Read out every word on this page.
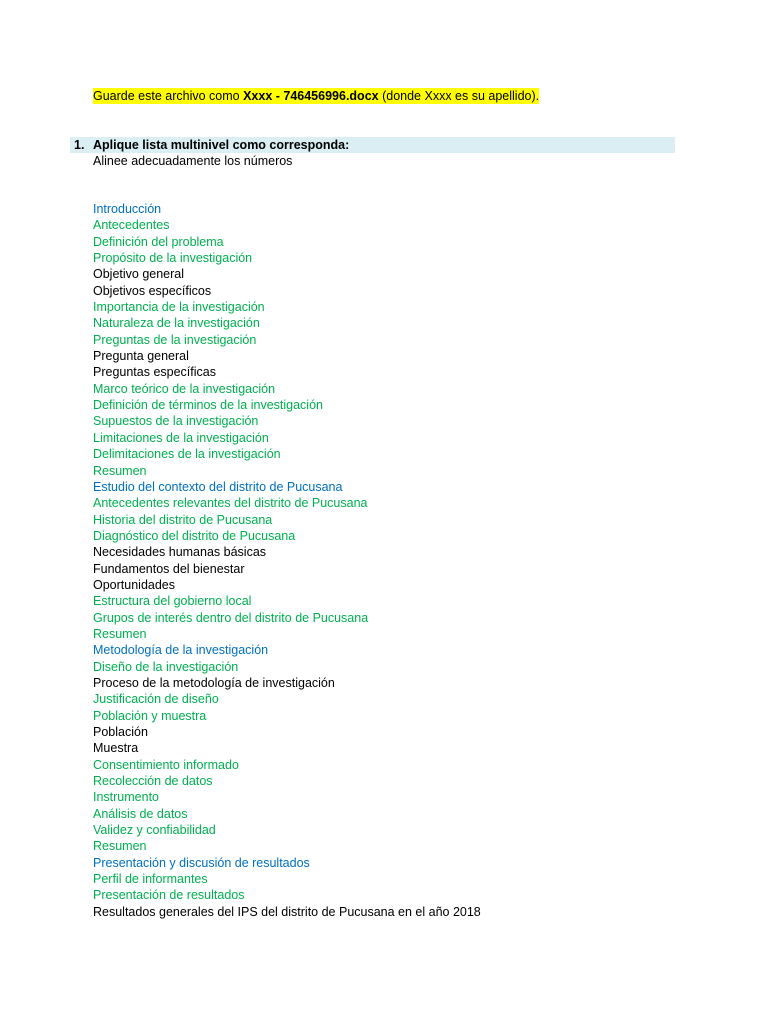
Guarde este archivo como Xxxx - 746456996.docx (donde Xxxx es su apellido).
1. Aplique lista multinivel como corresponda:
Alinee adecuadamente los números
Introducción
Antecedentes
Definición del problema
Propósito de la investigación
Objetivo general
Objetivos específicos
Importancia de la investigación
Naturaleza de la investigación
Preguntas de la investigación
Pregunta general
Preguntas específicas
Marco teórico de la investigación
Definición de términos de la investigación
Supuestos de la investigación
Limitaciones de la investigación
Delimitaciones de la investigación
Resumen
Estudio del contexto del distrito de Pucusana
Antecedentes relevantes del distrito de Pucusana
Historia del distrito de Pucusana
Diagnóstico del distrito de Pucusana
Necesidades humanas básicas
Fundamentos del bienestar
Oportunidades
Estructura del gobierno local
Grupos de interés dentro del distrito de Pucusana
Resumen
Metodología de la investigación
Diseño de la investigación
Proceso de la metodología de investigación
Justificación de diseño
Población y muestra
Población
Muestra
Consentimiento informado
Recolección de datos
Instrumento
Análisis de datos
Validez y confiabilidad
Resumen
Presentación y discusión de resultados
Perfil de informantes
Presentación de resultados
Resultados generales del IPS del distrito de Pucusana en el año 2018
